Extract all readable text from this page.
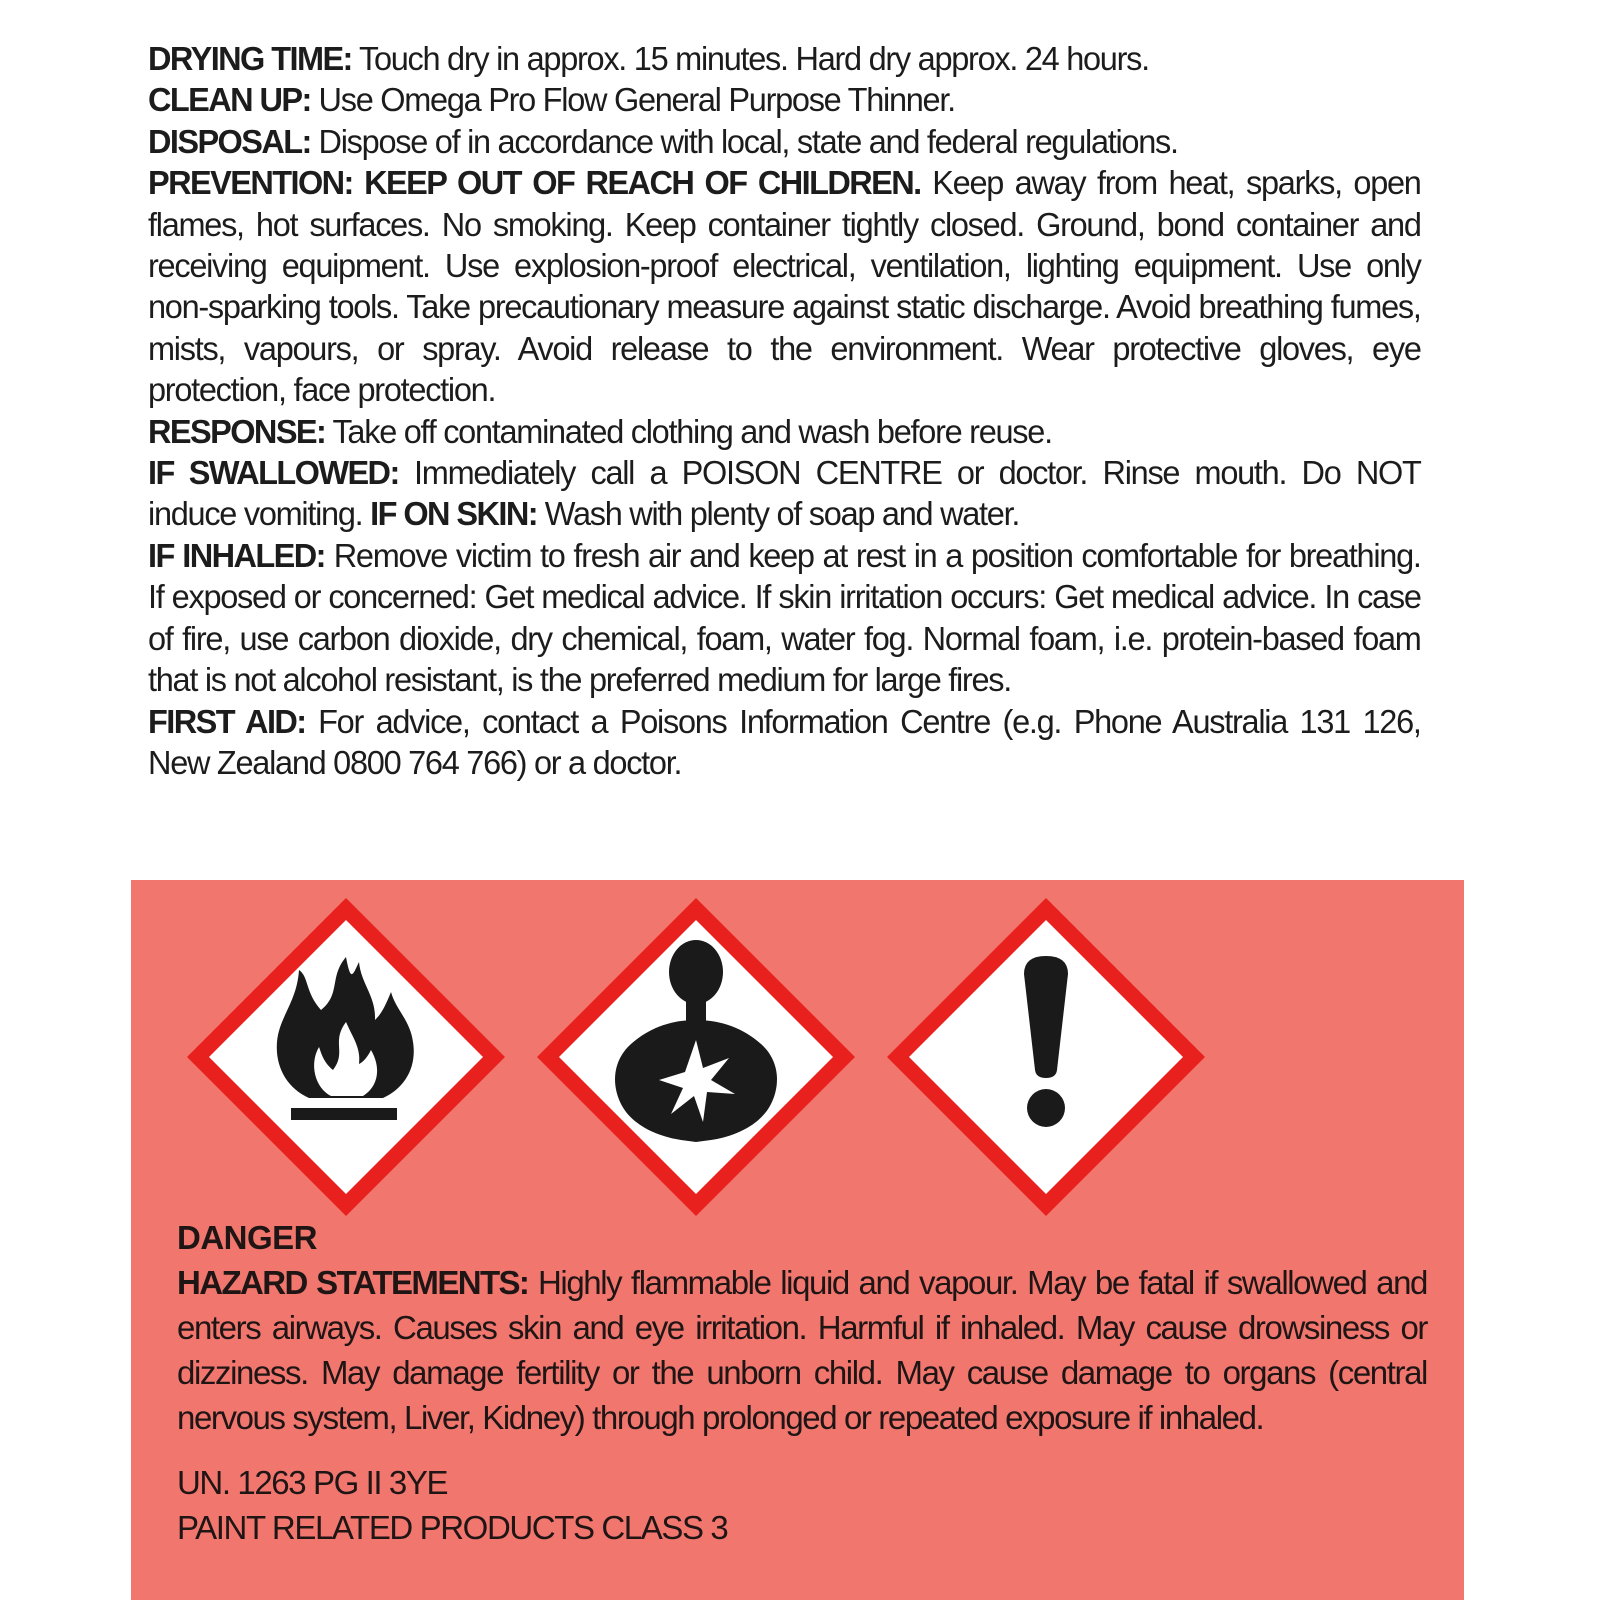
DRYING TIME: Touch dry in approx. 15 minutes. Hard dry approx. 24 hours.

CLEAN UP: Use Omega Pro Flow General Purpose Thinner.

DISPOSAL: Dispose of in accordance with local, state and federal regulations.

PREVENTION: KEEP OUT OF REACH OF CHILDREN. Keep away from heat, sparks, open flames, hot surfaces. No smoking. Keep container tightly closed. Ground, bond container and receiving equipment. Use explosion-proof electrical, ventilation, lighting equipment. Use only non-sparking tools. Take precautionary measure against static discharge. Avoid breathing fumes, mists, vapours, or spray. Avoid release to the environment. Wear protective gloves, eye protection, face protection.

RESPONSE: Take off contaminated clothing and wash before reuse.

IF SWALLOWED: Immediately call a POISON CENTRE or doctor. Rinse mouth. Do NOT induce vomiting. IF ON SKIN: Wash with plenty of soap and water.

IF INHALED: Remove victim to fresh air and keep at rest in a position comfortable for breathing. If exposed or concerned: Get medical advice. If skin irritation occurs: Get medical advice. In case of fire, use carbon dioxide, dry chemical, foam, water fog. Normal foam, i.e. protein-based foam that is not alcohol resistant, is the preferred medium for large fires.

FIRST AID: For advice, contact a Poisons Information Centre (e.g. Phone Australia 131 126, New Zealand 0800 764 766) or a doctor.

DANGER

HAZARD STATEMENTS: Highly flammable liquid and vapour. May be fatal if swallowed and enters airways. Causes skin and eye irritation. Harmful if inhaled. May cause drowsiness or dizziness. May damage fertility or the unborn child. May cause damage to organs (central nervous system, Liver, Kidney) through prolonged or repeated exposure if inhaled.

UN. 1263 PG II 3YE

PAINT RELATED PRODUCTS CLASS 3
